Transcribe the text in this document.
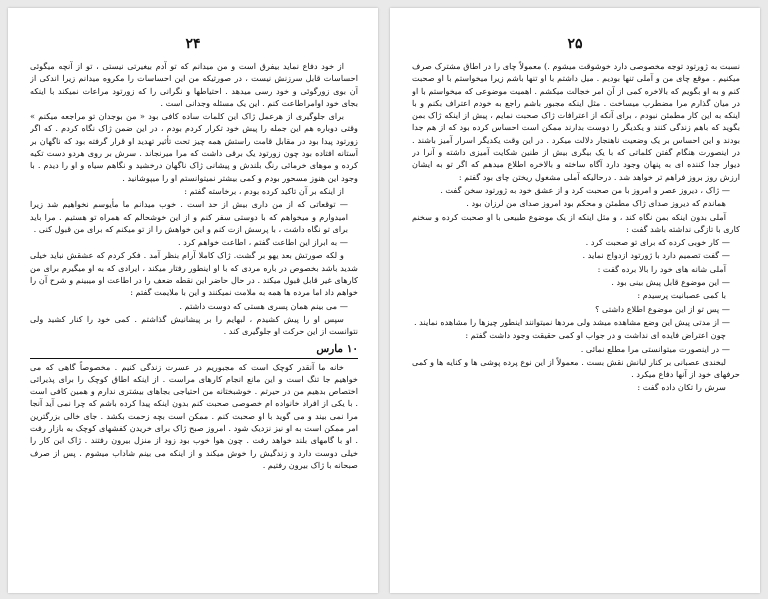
۲۴

از خود دفاع نماید بیفرق است و من میدانم که تو آدم بیغیرتی نیستی ، تو از آنچه میگوئی احساسات قابل سرزنش نیست ، در صورتیکه من این احساسات را مکروه میدانم زیرا اندکی از آن بوی زورگوئی و خود رسی میدهد . احتیاطها و نگرانی را که زورتود مراعات نمیکند با اینکه بجای خود اوامراطاعت کنم . این یک مسئله وجدانی است .

برای جلوگیری از هرعمل ژاک این کلمات ساده کافی بود « من بوجدان تو مراجعه میکنم » وقتی دوباره هم این جمله را پیش خود تکرار کردم بودم ، در این ضمن ژاک نگاه کردم . که اگر زورتود پیدا بود در مقابل قامت راستش همه چیز تحت تأثیر تهدید او قرار گرفته بود که ناگهان بر آستانه افتاده بود چون زورتود یک برقی داشت که مرا میرنجاند . سرش بر روی هردو دست تکیه کرده و موهای خرمائی رنگ بلندش و پیشانی ژاک ناگهان درخشید و نگاهم سیاه و او را دیدم . با وجود این هنوز مسحور بودم و کمی بیشتر نمیتوانستم او را میپوشانید .

از اینکه بر آن تاکید کرده بودم ، برخاسته گفتم :

— توقعاتی که از من داری بیش از حد است . خوب میدانم ما مأیوسم نخواهیم شد زیرا امیدوارم و میخواهم که با دوستی سفر کنم و از این خوشحالم که همراه تو هستیم . مرا باید برای تو نگاه داشت ، با پرسش ازت کنم و این خواهش را از تو میکنم که برای من قبول کنی .

— به ابراز این اطاعت گفتم ، اطاعت خواهم کرد .

و لکه صورتش بعد یهو بر گشت. ژاک کاملا آرام بنظر آمد . فکر کردم که عشقش نباید خیلی شدید باشد بخصوص در باره مردی که با او اینطور رفتار میکند ، ایرادی که به او میگیرم برای من کارهای غیر قابل قبول میکند . در حال حاضر این نقطه ضعف را در اطاعت او میبینم و شرح آن را خواهم داد اما مرده ها همه به ملامت نمیکنند و این با ملایمت گفتم :

— می بینم همان پسری هستی که دوست داشتم .

سپس او را پیش کشیدم ، لبهایم را بر پیشانیش گذاشتم . کمی خود را کنار کشید ولی نتوانست از این حرکت او جلوگیری کند .

۱۰ مارس

خانه ما آنقدر کوچک است که مجبوریم در عسرت زندگی کنیم . مخصوصاً گاهی که می خواهیم جا تنگ است و این مانع انجام کارهای مراست . از اینکه اطاق کوچک را برای پذیرائی اختصاص بدهیم من در حیرتم . خوشبختانه من احتیاجی بجاهای بیشتری ندارم و همین کافی است . با یکی از افراد خانواده ام خصوصی صحبت کنم بدون اینکه پیدا کرده باشم که چرا نمی آید آنجا مرا نمی بیند و می گوید با او صحبت کنم . ممکن است بچه زحمت بکشد . جای خالی بزرگترین امر ممکن است به او نیز نزدیک شود . امروز صبح ژاک برای خریدن کفشهای کوچک به بازار رفت . او با گامهای بلند خواهد رفت . چون هوا خوب بود زود از منزل بیرون رفتند . ژاک این کار را خیلی دوست دارد و زندگیش را خوش میکند و از اینکه می بینم شاداب میشوم . پس از صرف صبحانه با ژاک بیرون رفتیم .

۲۵

نسبت به ژورتود توجه مخصوصی دارد خوشوقت میشوم .) معمولاً چای را در اطاق مشترک صرف میکنیم . موقع چای من و آملی تنها بودیم . میل داشتم با او تنها باشم زیرا میخواستم با او صحبت کنم و به او بگویم که بالاخره کمی از آن امر خجالت میکشم . اهمیت موضوعی که میخواستم با او در میان گذارم مرا مضطرب میساخت . مثل اینکه مجبور باشم راجع به خودم اعتراف بکنم و با اینکه به این کار مطمئن نبودم ، برای آنکه از اعترافات ژاک صحبت نمایم ، پیش از اینکه ژاک بمن بگوید که باهم زندگی کنند و یکدیگر را دوست بدارند ممکن است احساس کرده بود که از هم جدا بودند و این احساس بر یک وضعیت ناهنجار دلالت میکرد . در این وقت یکدیگر اسرار آمیز باشند . در اینصورت هنگام گفتن کلماتی که با یک بیگری بیش از طنین شکایت آمیزی داشته و آنرا در دیوار جدا کننده ای به پنهان وجود دارد آگاه ساخته و بالاخره اطلاع میدهم که اگر تو به ایشان ارزش روز بروز فراهم تر خواهد شد . درحالیکه آملی مشغول ریختن چای بود گفتم :

— ژاک ، دیروز عصر و امروز با من صحبت کرد و از عشق خود به ژورتود سخن گفت .

هماندم که دیروز صدای ژاک مطمئن و محکم بود امروز صدای من لرزان بود .

آملی بدون اینکه بمن نگاه کند ، و مثل اینکه از یک موضوع طبیعی با او صحبت کرده و سخنم کاری با تازگی نداشته باشد گفت :

— کار خوبی کرده که برای تو صحبت کرد .

— گفت تصمیم دارد با ژورتود ازدواج نماید .

آملی شانه های خود را بالا برده گفت :

— این موضوع قابل پیش بینی بود .

با کمی عصبانیت پرسیدم :

— پس تو از این موضوع اطلاع داشتی ؟

— از مدتی پیش این وضع مشاهده میشد ولی مردها نمیتوانند اینطور چیزها را مشاهده نمایند .

چون اعتراض فایده ای نداشت و در جواب او کمی حقیقت وجود داشت گفتم :

— در اینصورت میتوانستی مرا مطلع نمائی .

لبخندی عصبانی بر کنار لبانش نقش بست . معمولاً از این نوع پرده پوشی ها و کنایه ها و کمی حرفهای خود از آنها دفاع میکرد .

سرش را تکان داده گفت :
